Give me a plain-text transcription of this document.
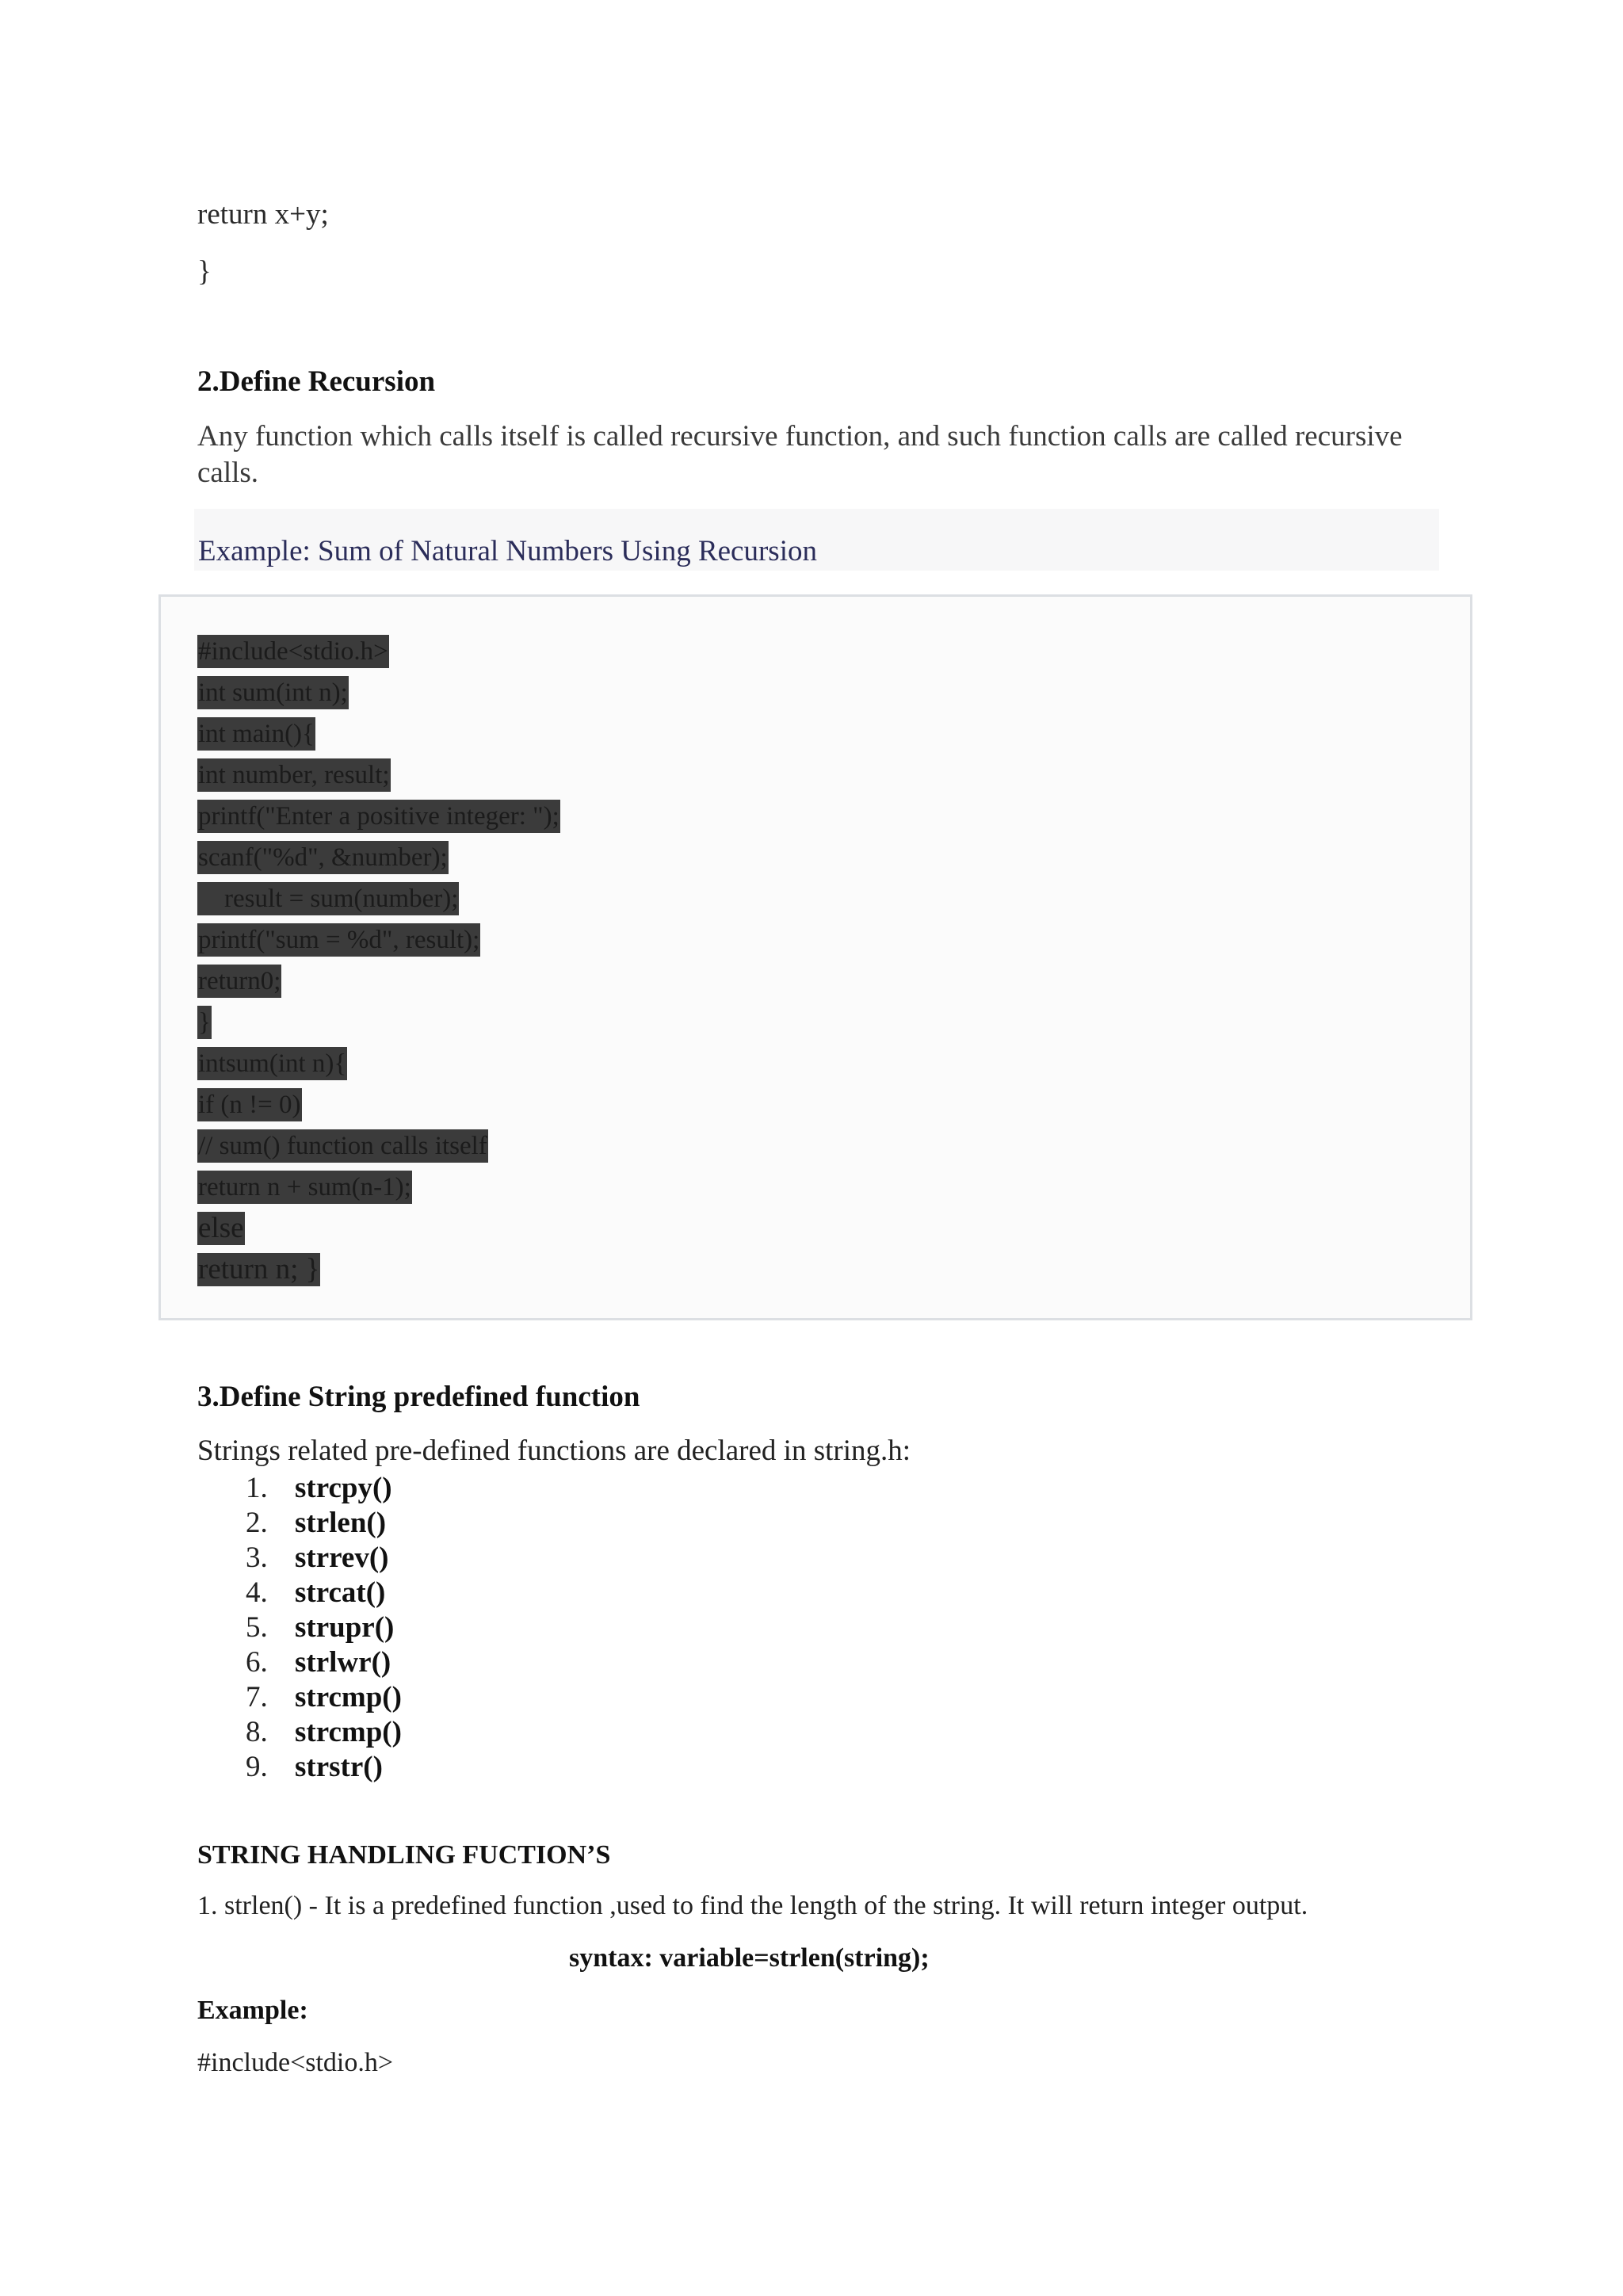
return x+y;
}
2.Define Recursion
Any function which calls itself is called recursive function, and such function calls are called recursive calls.
Example: Sum of Natural Numbers Using Recursion
#include<stdio.h>
int sum(int n);
int main(){
int number, result;
printf("Enter a positive integer: ");
scanf("%d", &number);
result = sum(number);
printf("sum = %d", result);
return0;
}
intsum(int n){
if (n != 0)
// sum() function calls itself
return n + sum(n-1);
else
return n; }
3.Define String predefined function
Strings related pre-defined functions are declared in string.h:
1. strcpy()
2. strlen()
3. strrev()
4. strcat()
5. strupr()
6. strlwr()
7. strcmp()
8. strcmp()
9. strstr()
STRING HANDLING FUCTION’S
1. strlen() - It is a predefined function ,used to find the length of the string. It will return integer output.
syntax: variable=strlen(string);
Example:
#include<stdio.h>
